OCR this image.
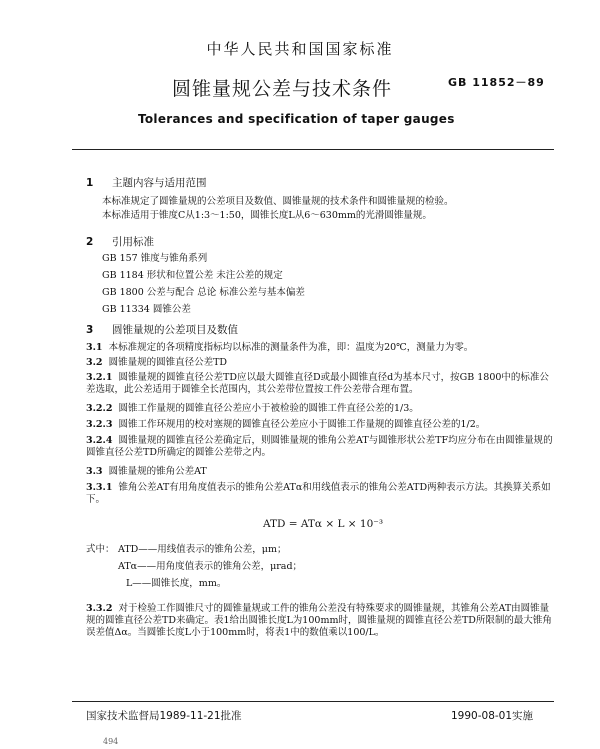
中华人民共和国国家标准
圆锥量规公差与技术条件	GB 11852－89
Tolerances and specification of taper gauges
1 主题内容与适用范围
本标准规定了圆锥量规的公差项目及数值、圆锥量规的技术条件和圆锥量规的检验。
本标准适用于锥度C从1:3～1:50，圆锥长度L从6～630mm的光滑圆锥量规。
2 引用标准
GB 157 锥度与锥角系列
GB 1184 形状和位置公差 未注公差的规定
GB 1800 公差与配合 总论 标准公差与基本偏差
GB 11334 圆锥公差
3 圆锥量规的公差项目及数值
3.1 本标准规定的各项精度指标均以标准的测量条件为准，即：温度为20℃，测量力为零。
3.2 圆锥量规的圆锥直径公差TD
3.2.1 圆锥量规的圆锥直径公差TD应以最大圆锥直径D或最小圆锥直径d为基本尺寸，按GB 1800中的标准公差选取，此公差适用于圆锥全长范围内，其公差带位置按工件公差带合理布置。
3.2.2 圆锥工作量规的圆锥直径公差应小于被检验的圆锥工件直径公差的1/3。
3.2.3 圆锥工作环规用的校对塞规的圆锥直径公差应小于圆锥工作量规的圆锥直径公差的1/2。
3.2.4 圆锥量规的圆锥直径公差确定后，则圆锥量规的锥角公差AT与圆锥形状公差TF均应分布在由圆锥量规的圆锥直径公差TD所确定的圆锥公差带之内。
3.3 圆锥量规的锥角公差AT
3.3.1 锥角公差AT有用角度值表示的锥角公差ATα和用线值表示的锥角公差ATD两种表示方法。其换算关系如下。
ATD = ATα × L × 10⁻³
式中： ATD——用线值表示的锥角公差，μm；
ATα——用角度值表示的锥角公差，μrad；
L——圆锥长度，mm。
3.3.2 对于检验工作圆锥尺寸的圆锥量规或工件的锥角公差没有特殊要求的圆锥量规，其锥角公差AT由圆锥量规的圆锥直径公差TD来确定。表1给出圆锥长度L为100mm时，圆锥量规的圆锥直径公差TD所限制的最大锥角误差值Δα。当圆锥长度L小于100mm时，将表1中的数值乘以100/L。
国家技术监督局1989-11-21批准	1990-08-01实施
494
